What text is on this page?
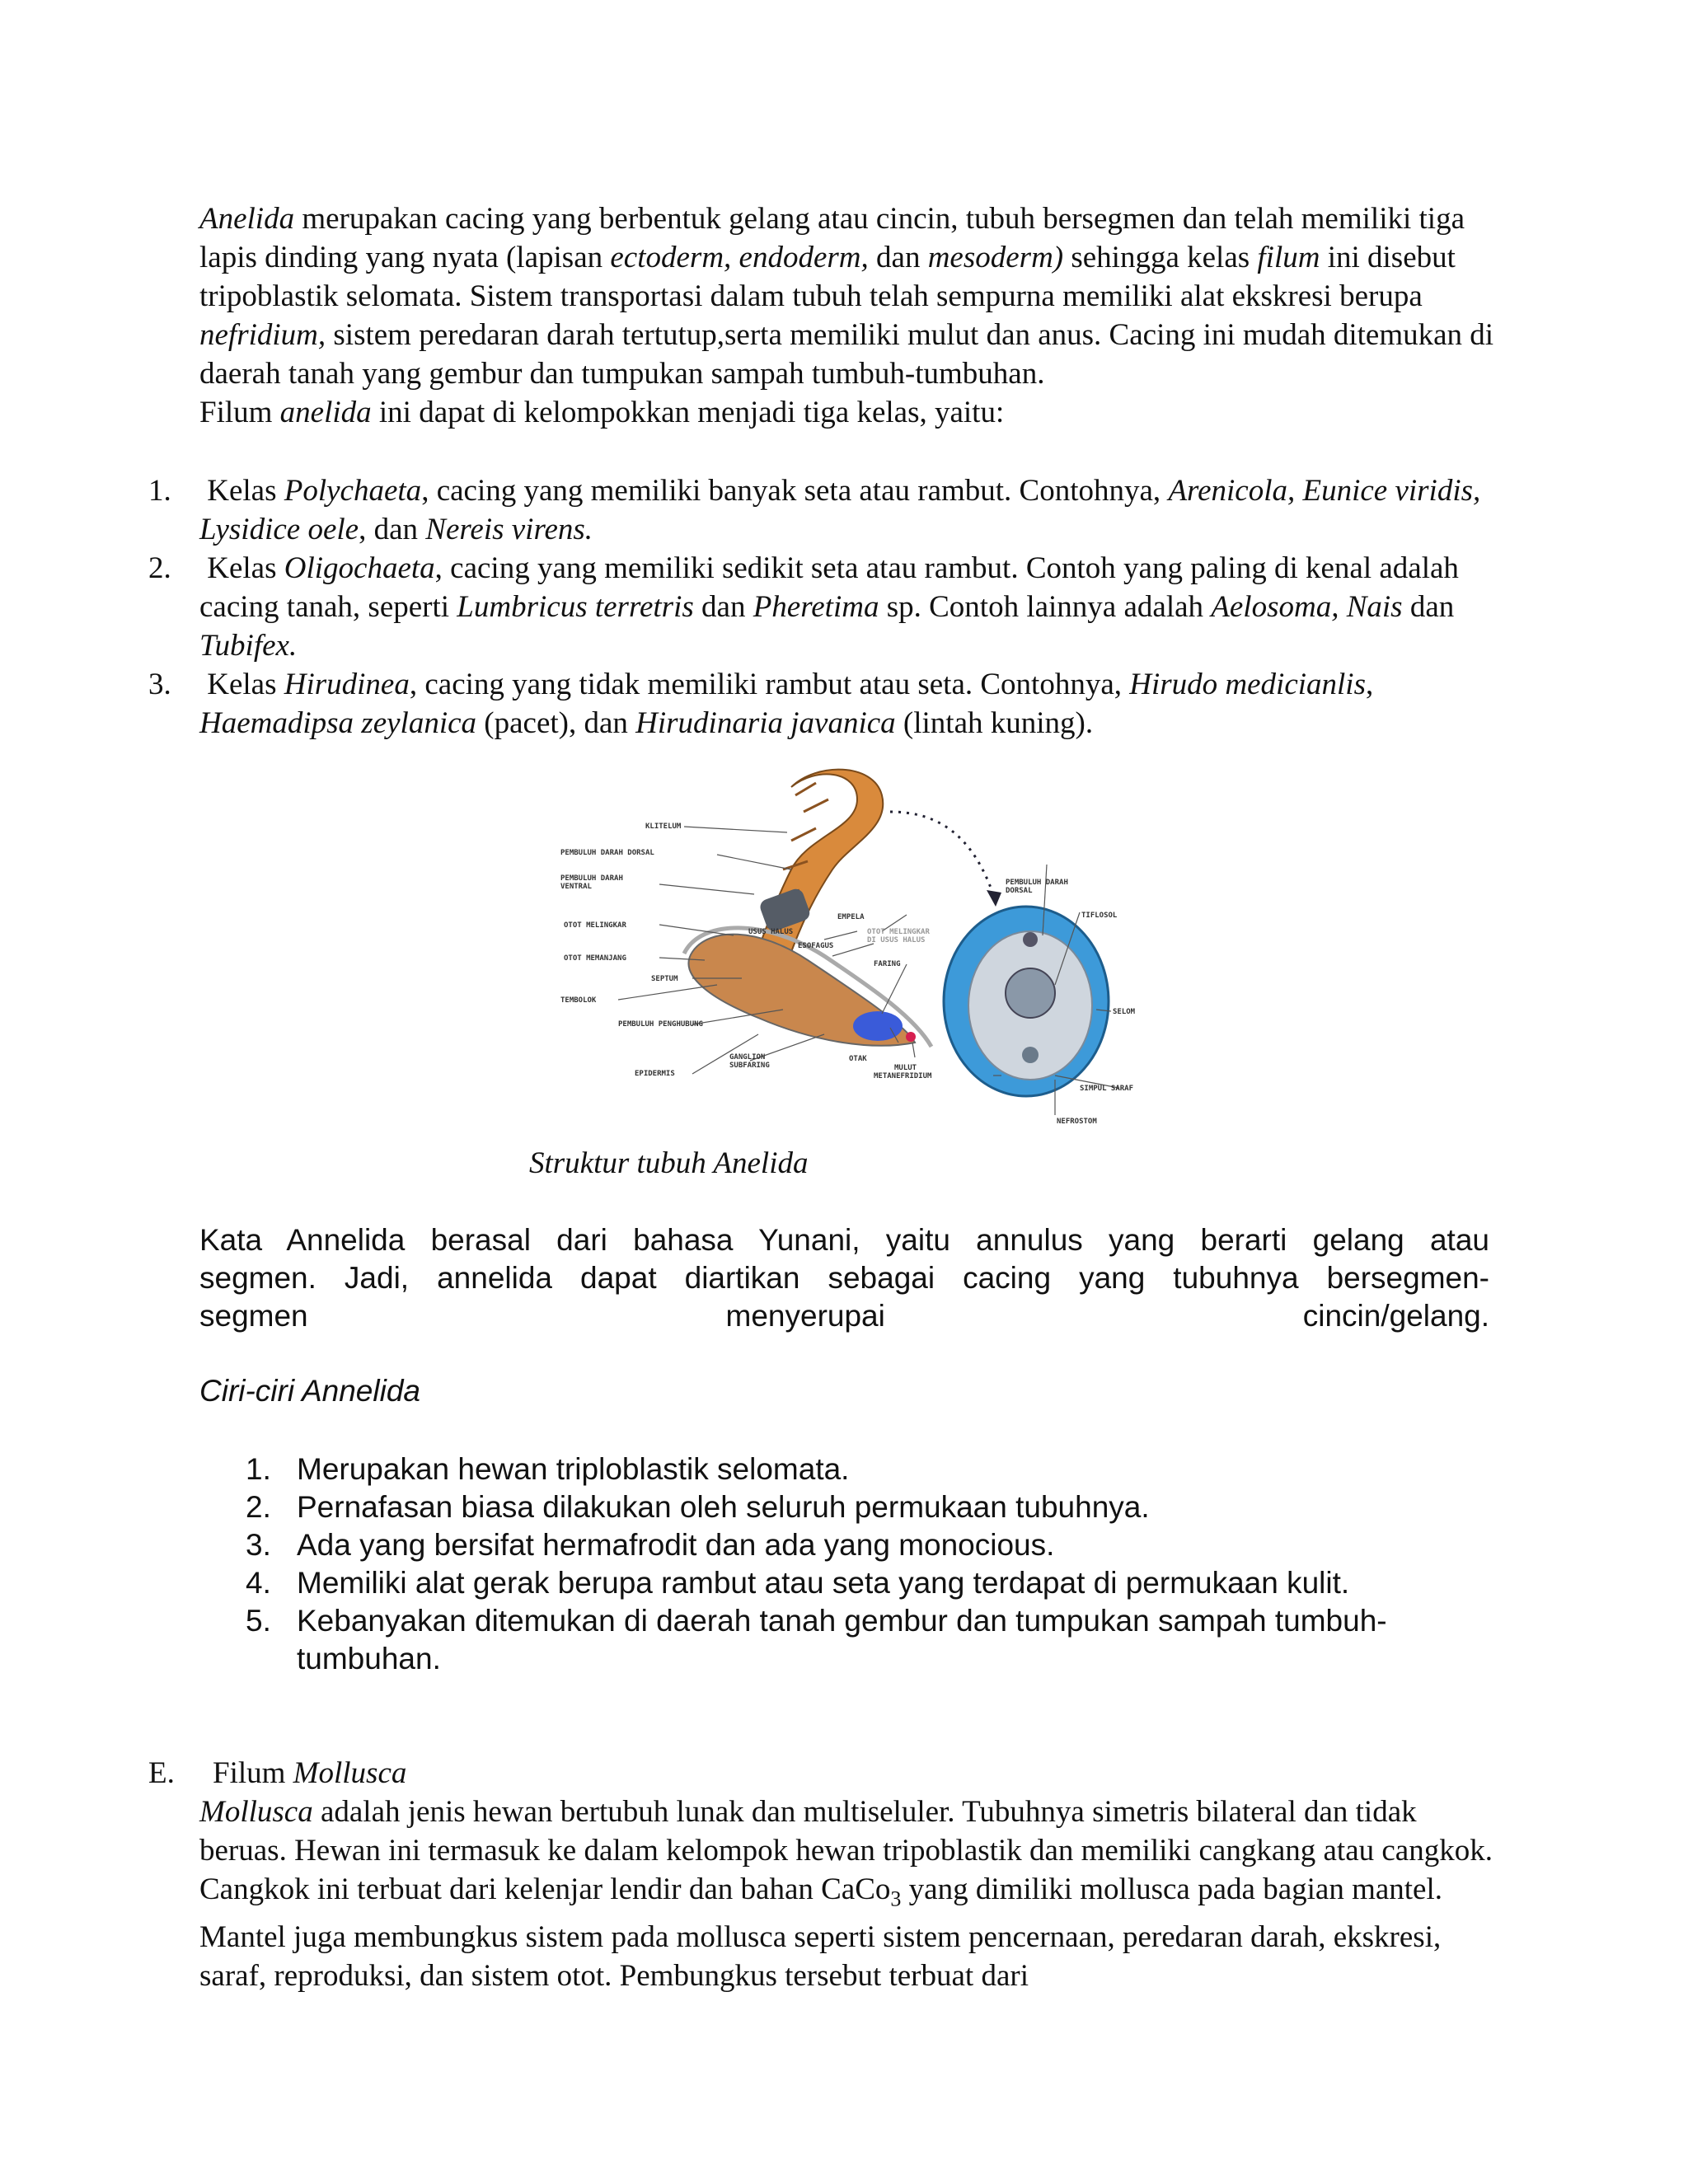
Anelida merupakan cacing yang berbentuk gelang atau cincin, tubuh bersegmen dan telah memiliki tiga lapis dinding yang nyata (lapisan ectoderm, endoderm, dan mesoderm) sehingga kelas filum ini disebut tripoblastik selomata. Sistem transportasi dalam tubuh telah sempurna memiliki alat ekskresi berupa nefridium, sistem peredaran darah tertutup,serta memiliki mulut dan anus. Cacing ini mudah ditemukan di daerah tanah yang gembur dan tumpukan sampah tumbuh-tumbuhan.

Filum anelida ini dapat di kelompokkan menjadi tiga kelas, yaitu:

1. Kelas Polychaeta, cacing yang memiliki banyak seta atau rambut. Contohnya, Arenicola, Eunice viridis, Lysidice oele, dan Nereis virens.
2. Kelas Oligochaeta, cacing yang memiliki sedikit seta atau rambut. Contoh yang paling di kenal adalah cacing tanah, seperti Lumbricus terretris dan Pheretima sp. Contoh lainnya adalah Aelosoma, Nais dan Tubifex.
3. Kelas Hirudinea, cacing yang tidak memiliki rambut atau seta. Contohnya, Hirudo medicianlis, Haemadipsa zeylanica (pacet), dan Hirudinaria javanica (lintah kuning).
KLITELUM
PEMBULUH DARAH DORSAL
PEMBULUH DARAH
VENTRAL
OTOT MELINGKAR
OTOT MEMANJANG
SEPTUM
TEMBOLOK
PEMBULUH PENGHUBUNG
EPIDERMIS
GANGLION
SUBFARING
USUS HALUS
ESOFAGUS
EMPELA
OTOT MELINGKAR
DI USUS HALUS
FARING
OTAK
MULUT
METANEFRIDIUM
NEFROSTOM
PEMBULUH DARAH
DORSAL
TIFLOSOL
SELOM
SIMPUL SARAF
Struktur tubuh Anelida
Kata Annelida berasal dari bahasa Yunani, yaitu annulus yang berarti gelang atau
segmen. Jadi, annelida dapat diartikan sebagai cacing yang tubuhnya bersegmen-
segmen	menyerupai	cincin/gelang.
Ciri-ciri Annelida
1. Merupakan hewan triploblastik selomata.
2. Pernafasan biasa dilakukan oleh seluruh permukaan tubuhnya.
3. Ada yang bersifat hermafrodit dan ada yang monocious.
4. Memiliki alat gerak berupa rambut atau seta yang terdapat di permukaan kulit.
5. Kebanyakan ditemukan di daerah tanah gembur dan tumpukan sampah tumbuh-tumbuhan.
E. Filum Mollusca
Mollusca adalah jenis hewan bertubuh lunak dan multiseluler. Tubuhnya simetris bilateral dan tidak beruas. Hewan ini termasuk ke dalam kelompok hewan tripoblastik dan memiliki cangkang atau cangkok. Cangkok ini terbuat dari kelenjar lendir dan bahan CaCo$_3$ yang dimiliki mollusca pada bagian mantel. Mantel juga membungkus sistem pada mollusca seperti sistem pencernaan, peredaran darah, ekskresi, saraf, reproduksi, dan sistem otot. Pembungkus tersebut terbuat dari
